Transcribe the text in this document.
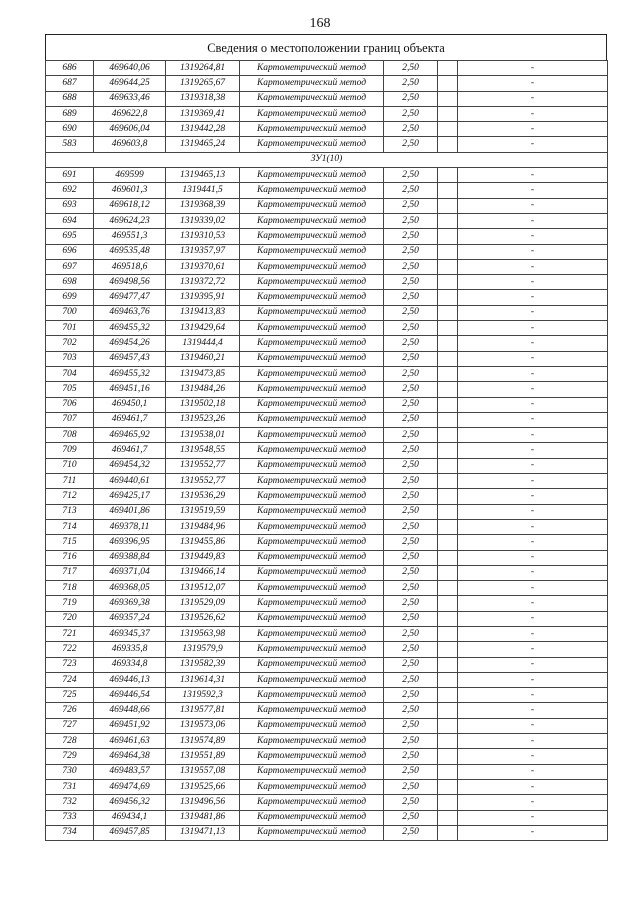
168
Сведения о местоположении границ объекта
686	469640,06	1319264,81	Картометрический метод	2,50		-
687	469644,25	1319265,67	Картометрический метод	2,50		-
688	469633,46	1319318,38	Картометрический метод	2,50		-
689	469622,8	1319369,41	Картометрический метод	2,50		-
690	469606,04	1319442,28	Картометрический метод	2,50		-
583	469603,8	1319465,24	Картометрический метод	2,50		-
ЗУ1(10)						
691	469599	1319465,13	Картометрический метод	2,50		-
692	469601,3	1319441,5	Картометрический метод	2,50		-
693	469618,12	1319368,39	Картометрический метод	2,50		-
694	469624,23	1319339,02	Картометрический метод	2,50		-
695	469551,3	1319310,53	Картометрический метод	2,50		-
696	469535,48	1319357,97	Картометрический метод	2,50		-
697	469518,6	1319370,61	Картометрический метод	2,50		-
698	469498,56	1319372,72	Картометрический метод	2,50		-
699	469477,47	1319395,91	Картометрический метод	2,50		-
700	469463,76	1319413,83	Картометрический метод	2,50		-
701	469455,32	1319429,64	Картометрический метод	2,50		-
702	469454,26	1319444,4	Картометрический метод	2,50		-
703	469457,43	1319460,21	Картометрический метод	2,50		-
704	469455,32	1319473,85	Картометрический метод	2,50		-
705	469451,16	1319484,26	Картометрический метод	2,50		-
706	469450,1	1319502,18	Картометрический метод	2,50		-
707	469461,7	1319523,26	Картометрический метод	2,50		-
708	469465,92	1319538,01	Картометрический метод	2,50		-
709	469461,7	1319548,55	Картометрический метод	2,50		-
710	469454,32	1319552,77	Картометрический метод	2,50		-
711	469440,61	1319552,77	Картометрический метод	2,50		-
712	469425,17	1319536,29	Картометрический метод	2,50		-
713	469401,86	1319519,59	Картометрический метод	2,50		-
714	469378,11	1319484,96	Картометрический метод	2,50		-
715	469396,95	1319455,86	Картометрический метод	2,50		-
716	469388,84	1319449,83	Картометрический метод	2,50		-
717	469371,04	1319466,14	Картометрический метод	2,50		-
718	469368,05	1319512,07	Картометрический метод	2,50		-
719	469369,38	1319529,09	Картометрический метод	2,50		-
720	469357,24	1319526,62	Картометрический метод	2,50		-
721	469345,37	1319563,98	Картометрический метод	2,50		-
722	469335,8	1319579,9	Картометрический метод	2,50		-
723	469334,8	1319582,39	Картометрический метод	2,50		-
724	469446,13	1319614,31	Картометрический метод	2,50		-
725	469446,54	1319592,3	Картометрический метод	2,50		-
726	469448,66	1319577,81	Картометрический метод	2,50		-
727	469451,92	1319573,06	Картометрический метод	2,50		-
728	469461,63	1319574,89	Картометрический метод	2,50		-
729	469464,38	1319551,89	Картометрический метод	2,50		-
730	469483,57	1319557,08	Картометрический метод	2,50		-
731	469474,69	1319525,66	Картометрический метод	2,50		-
732	469456,32	1319496,56	Картометрический метод	2,50		-
733	469434,1	1319481,86	Картометрический метод	2,50		-
734	469457,85	1319471,13	Картометрический метод	2,50		-
